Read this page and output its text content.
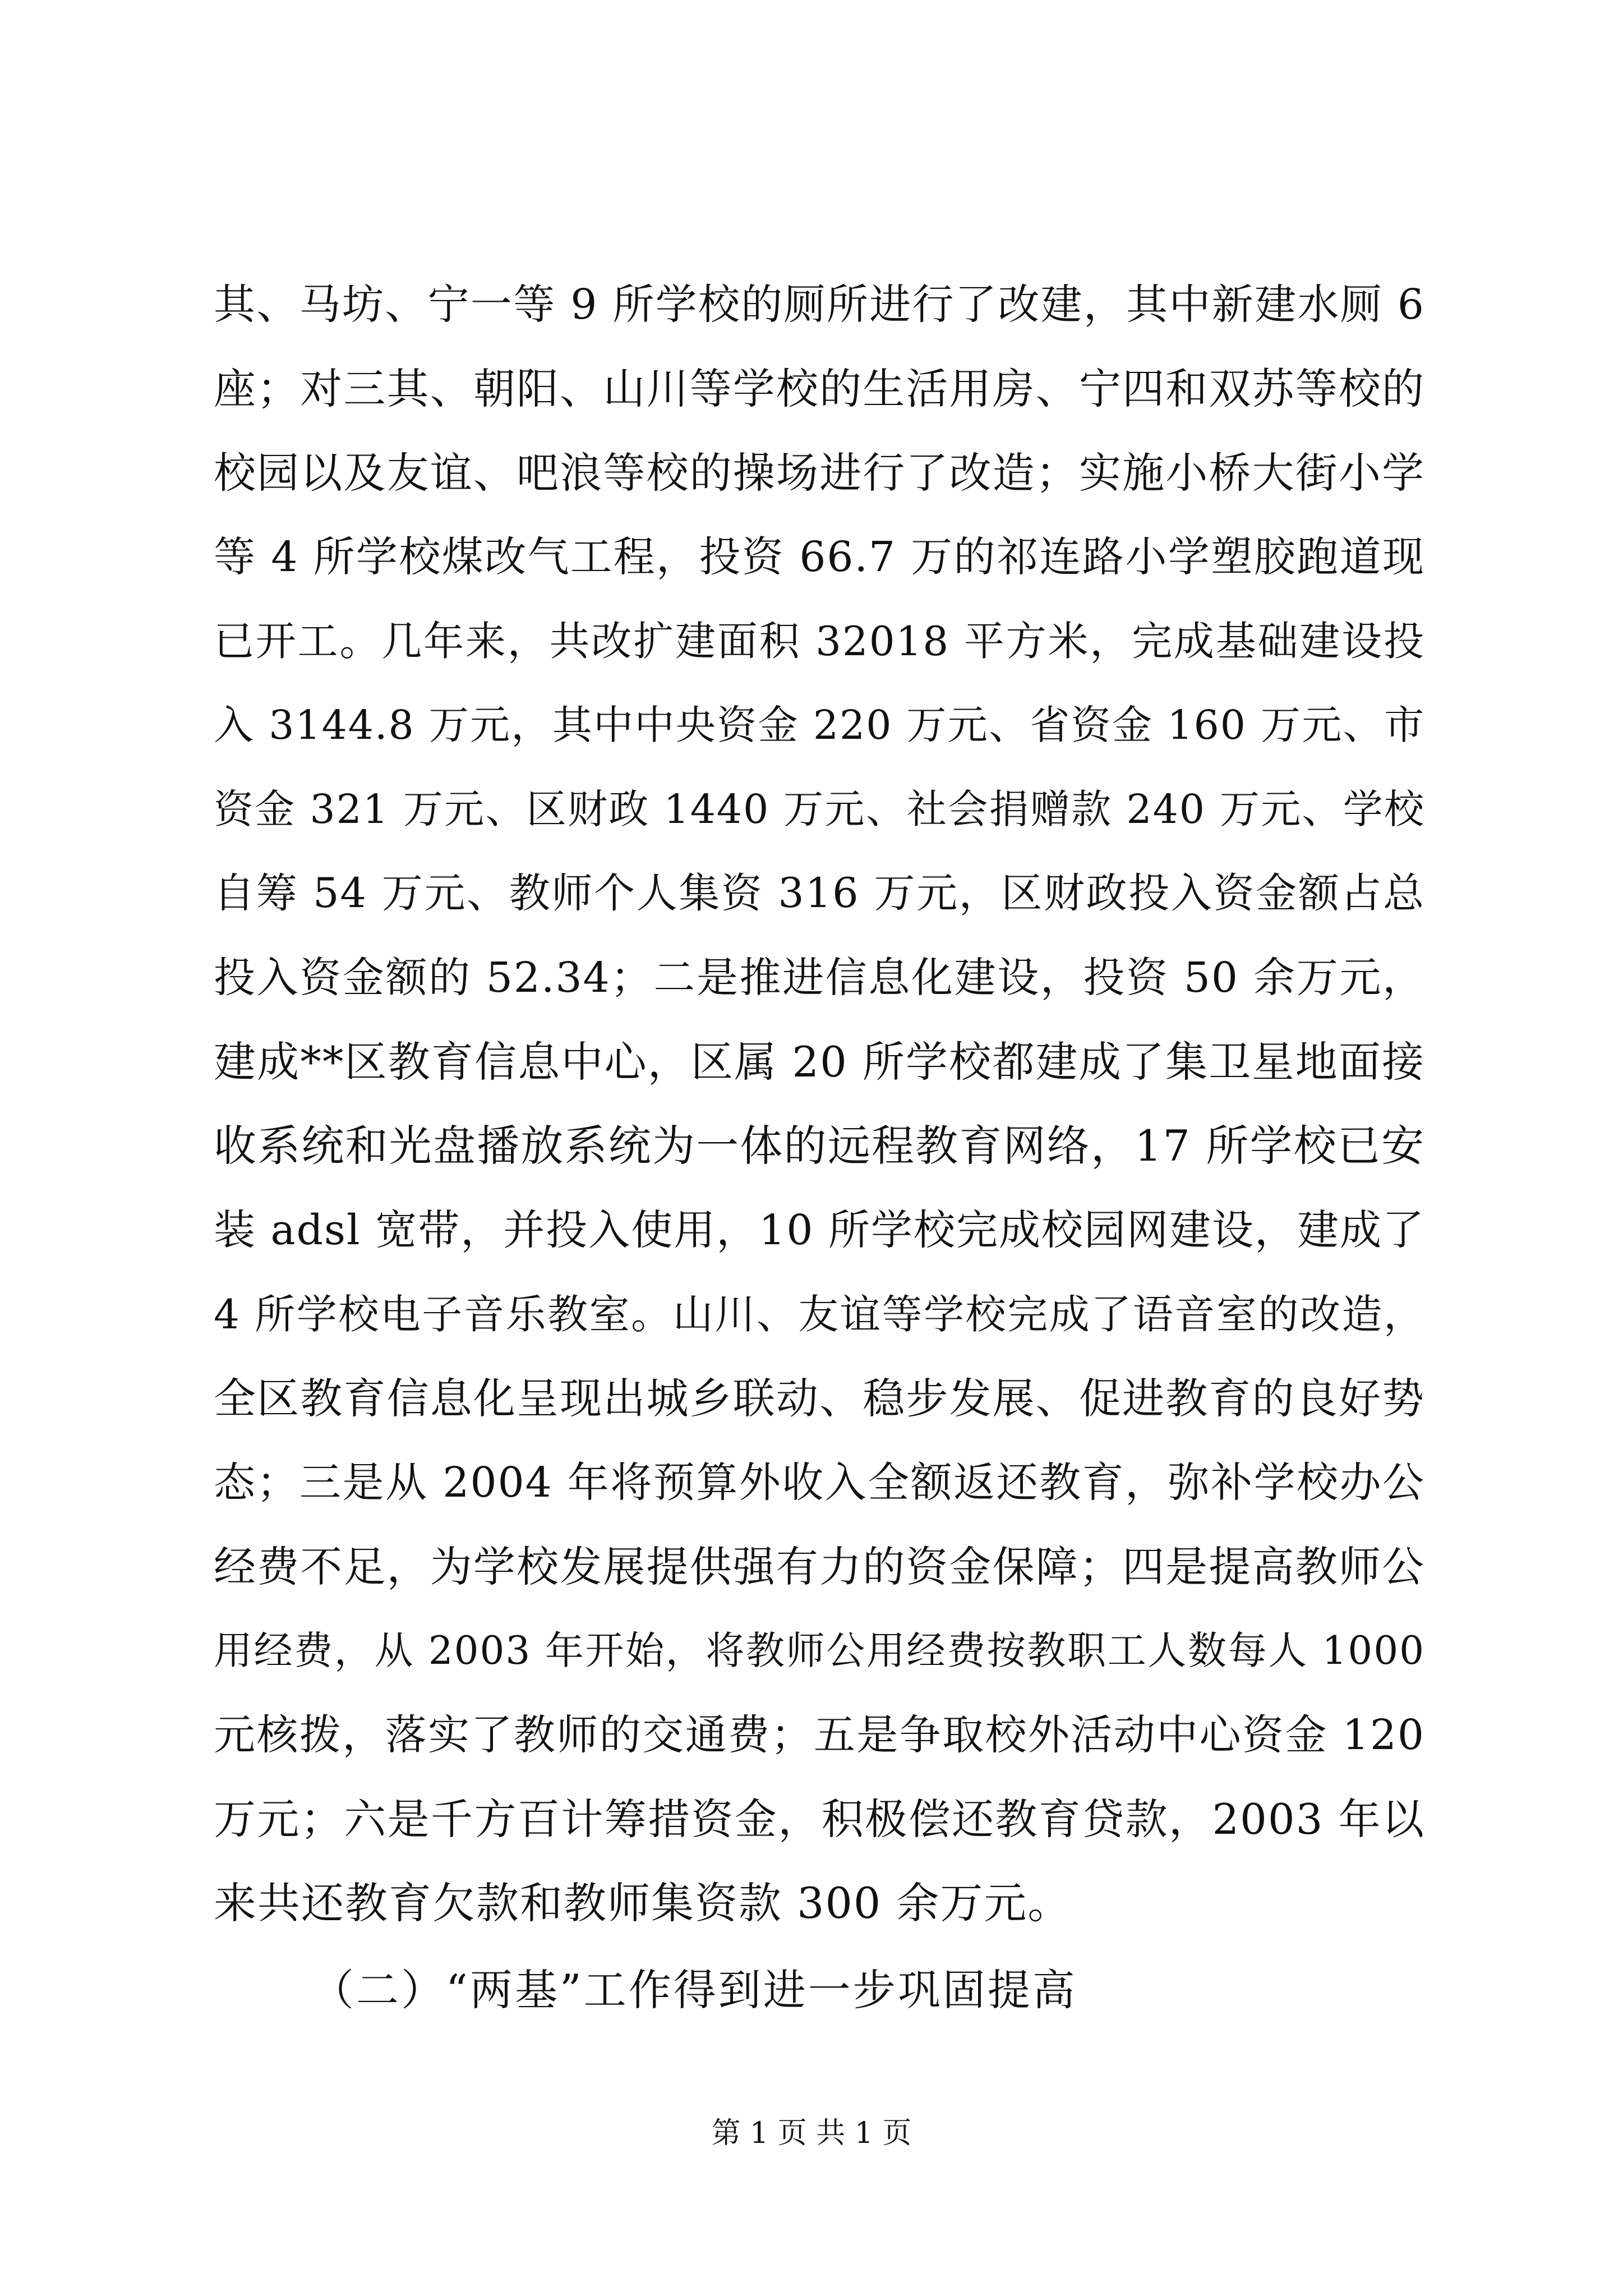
其、马坊、宁一等 9 所学校的厕所进行了改建，其中新建水厕 6
座；对三其、朝阳、山川等学校的生活用房、宁四和双苏等校的
校园以及友谊、吧浪等校的操场进行了改造；实施小桥大街小学
等 4 所学校煤改气工程，投资 66.7 万的祁连路小学塑胶跑道现
已开工。几年来，共改扩建面积 32018 平方米，完成基础建设投
入 3144.8 万元，其中中央资金 220 万元、省资金 160 万元、市
资金 321 万元、区财政 1440 万元、社会捐赠款 240 万元、学校
自筹 54 万元、教师个人集资 316 万元，区财政投入资金额占总
投入资金额的 52.34；二是推进信息化建设，投资 50 余万元，
建成**区教育信息中心，区属 20 所学校都建成了集卫星地面接
收系统和光盘播放系统为一体的远程教育网络，17 所学校已安
装 adsl 宽带，并投入使用，10 所学校完成校园网建设，建成了
4 所学校电子音乐教室。山川、友谊等学校完成了语音室的改造，
全区教育信息化呈现出城乡联动、稳步发展、促进教育的良好势
态；三是从 2004 年将预算外收入全额返还教育，弥补学校办公
经费不足，为学校发展提供强有力的资金保障；四是提高教师公
用经费，从 2003 年开始，将教师公用经费按教职工人数每人 1000
元核拨，落实了教师的交通费；五是争取校外活动中心资金 120
万元；六是千方百计筹措资金，积极偿还教育贷款，2003 年以
来共还教育欠款和教师集资款 300 余万元。
（二）“两基”工作得到进一步巩固提高
第 1 页 共 1 页
